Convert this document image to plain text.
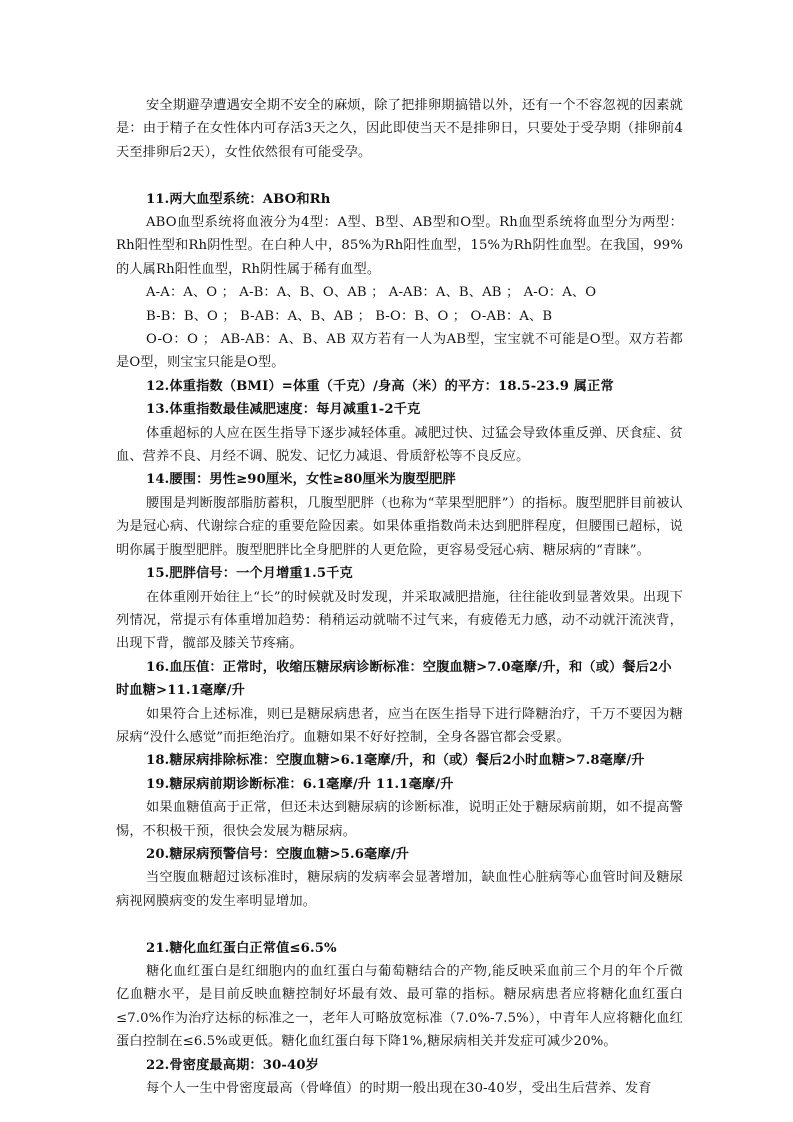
安全期避孕遭遇安全期不安全的麻烦，除了把排卵期搞错以外，还有一个不容忽视的因素就是：由于精子在女性体内可存活3天之久，因此即使当天不是排卵日，只要处于受孕期（排卵前4天至排卵后2天），女性依然很有可能受孕。

11.两大血型系统：ABO和Rh

ABO血型系统将血液分为4型：A型、B型、AB型和O型。Rh血型系统将血型分为两型：Rh阳性型和Rh阴性型。在白种人中，85%为Rh阳性血型，15%为Rh阴性血型。在我国，99%的人属Rh阳性血型，Rh阴性属于稀有血型。

A-A：A、O ； A-B：A、B、O、AB ； A-AB：A、B、AB ； A-O：A、O

B-B：B、O ； B-AB：A、B、AB ； B-O：B、O ； O-AB：A、B

O-O：O ； AB-AB：A、B、AB 双方若有一人为AB型，宝宝就不可能是O型。双方若都是O型，则宝宝只能是O型。

12.体重指数（BMI）=体重（千克）/身高（米）的平方：18.5-23.9 属正常

13.体重指数最佳减肥速度：每月减重1-2千克

体重超标的人应在医生指导下逐步减轻体重。减肥过快、过猛会导致体重反弹、厌食症、贫血、营养不良、月经不调、脱发、记忆力减退、骨质舒松等不良反应。

14.腰围：男性≥90厘米，女性≥80厘米为腹型肥胖

腰围是判断腹部脂肪蓄积，几腹型肥胖（也称为“苹果型肥胖”）的指标。腹型肥胖目前被认为是冠心病、代谢综合症的重要危险因素。如果体重指数尚未达到肥胖程度，但腰围已超标，说明你属于腹型肥胖。腹型肥胖比全身肥胖的人更危险，更容易受冠心病、糖尿病的“青睐”。

15.肥胖信号：一个月增重1.5千克

在体重刚开始往上“长”的时候就及时发现，并采取减肥措施，往往能收到显著效果。出现下列情况，常提示有体重增加趋势：稍稍运动就喘不过气来，有疲倦无力感，动不动就汗流浃背，出现下背，髋部及膝关节疼痛。

16.血压值：正常时，收缩压糖尿病诊断标准：空腹血糖>7.0毫摩/升，和（或）餐后2小时血糖>11.1毫摩/升

如果符合上述标准，则已是糖尿病患者，应当在医生指导下进行降糖治疗，千万不要因为糖尿病“没什么感觉”而拒绝治疗。血糖如果不好好控制，全身各器官都会受累。

18.糖尿病排除标准：空腹血糖>6.1毫摩/升，和（或）餐后2小时血糖>7.8毫摩/升

19.糖尿病前期诊断标准：6.1毫摩/升 11.1毫摩/升

如果血糖值高于正常，但还未达到糖尿病的诊断标准，说明正处于糖尿病前期，如不提高警惕，不积极干预，很快会发展为糖尿病。

20.糖尿病预警信号：空腹血糖>5.6毫摩/升

当空腹血糖超过该标准时，糖尿病的发病率会显著增加，缺血性心脏病等心血管时间及糖尿病视网膜病变的发生率明显增加。

21.糖化血红蛋白正常值≤6.5%

糖化血红蛋白是红细胞内的血红蛋白与葡萄糖结合的产物,能反映采血前三个月的年个斤微亿血糖水平，是目前反映血糖控制好坏最有效、最可靠的指标。糖尿病患者应将糖化血红蛋白≤7.0%作为治疗达标的标准之一，老年人可略放宽标准（7.0%-7.5%），中青年人应将糖化血红蛋白控制在≤6.5%或更低。糖化血红蛋白每下降1%,糖尿病相关并发症可减少20%。

22.骨密度最高期：30-40岁

每个人一生中骨密度最高（骨峰值）的时期一般出现在30-40岁，受出生后营养、发育
